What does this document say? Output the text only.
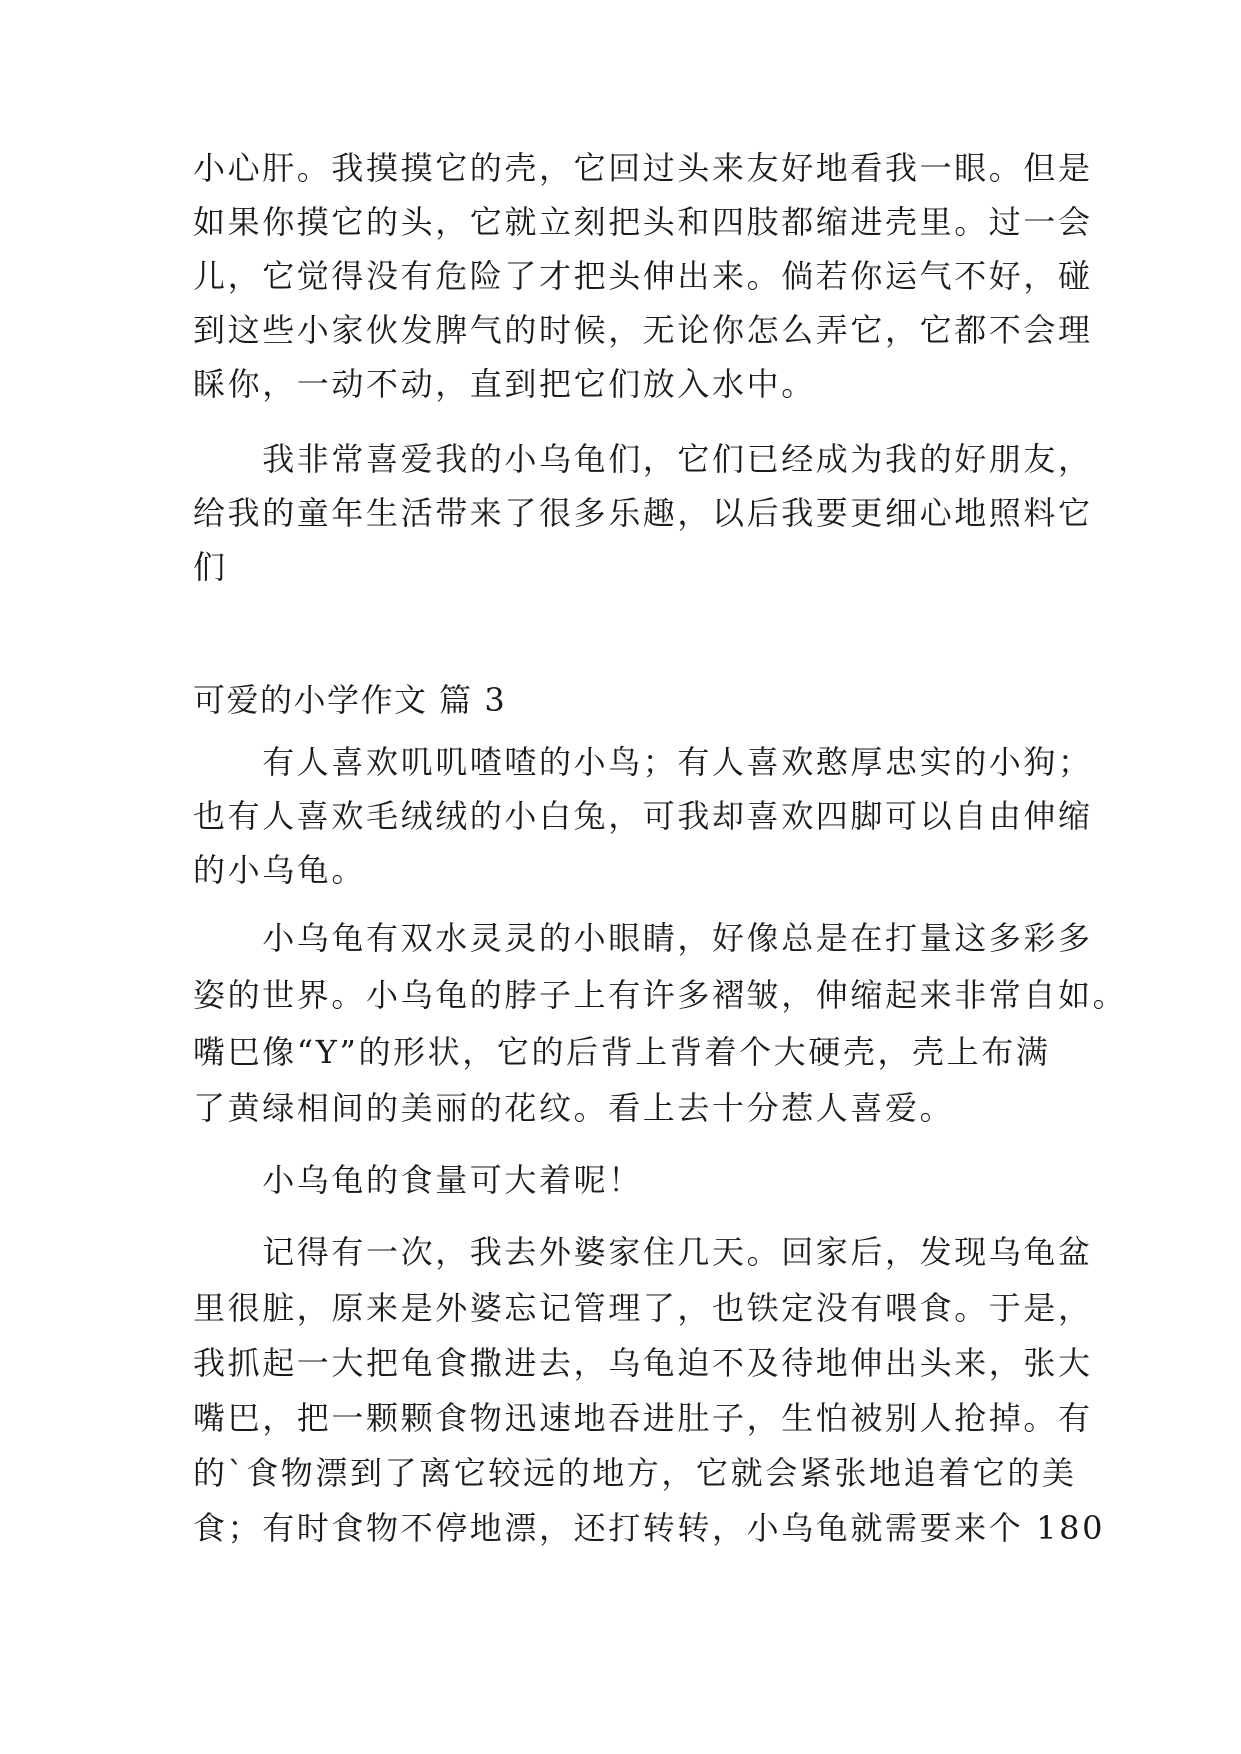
小心肝。我摸摸它的壳，它回过头来友好地看我一眼。但是
如果你摸它的头，它就立刻把头和四肢都缩进壳里。过一会
儿，它觉得没有危险了才把头伸出来。倘若你运气不好，碰
到这些小家伙发脾气的时候，无论你怎么弄它，它都不会理
睬你，一动不动，直到把它们放入水中。
　　我非常喜爱我的小乌龟们，它们已经成为我的好朋友，
给我的童年生活带来了很多乐趣，以后我要更细心地照料它
们
可爱的小学作文 篇 3
　　有人喜欢叽叽喳喳的小鸟；有人喜欢憨厚忠实的小狗；
也有人喜欢毛绒绒的小白兔，可我却喜欢四脚可以自由伸缩
的小乌龟。
　　小乌龟有双水灵灵的小眼睛，好像总是在打量这多彩多
姿的世界。小乌龟的脖子上有许多褶皱，伸缩起来非常自如。
嘴巴像“Y”的形状，它的后背上背着个大硬壳，壳上布满
了黄绿相间的美丽的花纹。看上去十分惹人喜爱。
　　小乌龟的食量可大着呢！
　　记得有一次，我去外婆家住几天。回家后，发现乌龟盆
里很脏，原来是外婆忘记管理了，也铁定没有喂食。于是，
我抓起一大把龟食撒进去，乌龟迫不及待地伸出头来，张大
嘴巴，把一颗颗食物迅速地吞进肚子，生怕被别人抢掉。有
的`食物漂到了离它较远的地方，它就会紧张地追着它的美
食；有时食物不停地漂，还打转转，小乌龟就需要来个 180
